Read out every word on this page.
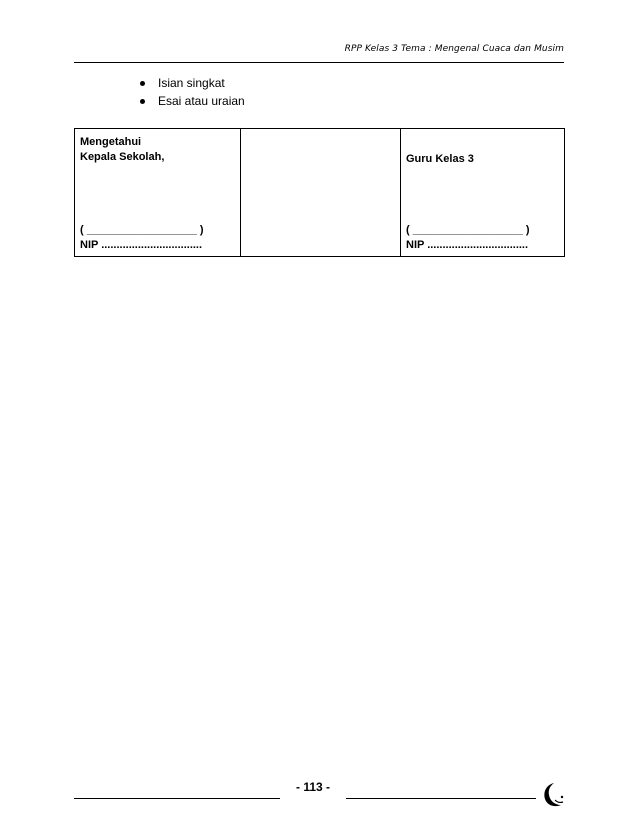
RPP Kelas 3 Tema : Mengenal Cuaca dan Musim
Isian singkat
Esai atau uraian
Mengetahui
Kepala Sekolah,
( __________________ )
NIP .................................

Guru Kelas 3
( __________________ )
NIP .................................
- 113 -
